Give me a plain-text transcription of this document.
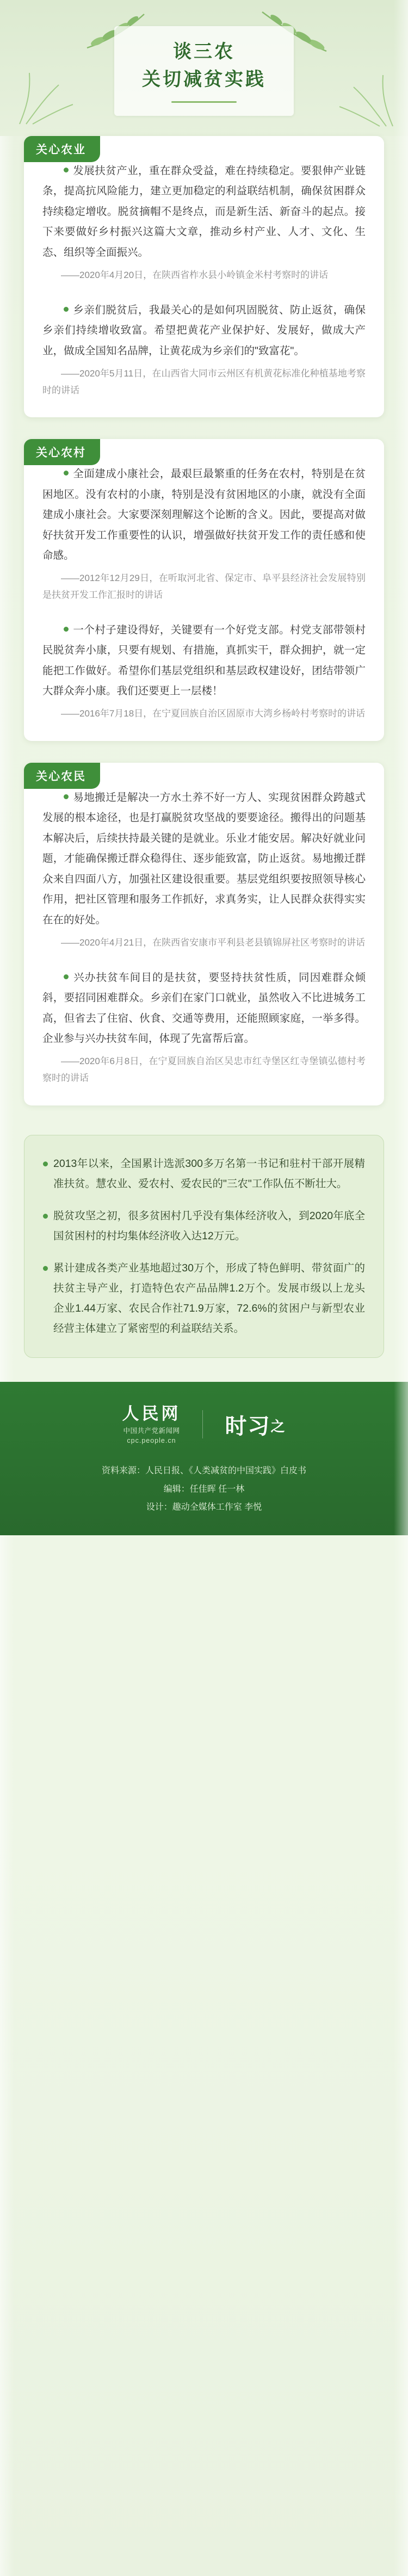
谈三农
关切减贫实践
关心农业

发展扶贫产业，重在群众受益，难在持续稳定。要狠伸产业链条，提高抗风险能力，建立更加稳定的利益联结机制，确保贫困群众持续稳定增收。脱贫摘帽不是终点，而是新生活、新奋斗的起点。接下来要做好乡村振兴这篇大文章，推动乡村产业、人才、文化、生态、组织等全面振兴。

——2020年4月20日，在陕西省柞水县小岭镇金米村考察时的讲话

乡亲们脱贫后，我最关心的是如何巩固脱贫、防止返贫，确保乡亲们持续增收致富。希望把黄花产业保护好、发展好，做成大产业，做成全国知名品牌，让黄花成为乡亲们的"致富花"。

——2020年5月11日，在山西省大同市云州区有机黄花标准化种植基地考察时的讲话
关心农村

全面建成小康社会，最艰巨最繁重的任务在农村，特别是在贫困地区。没有农村的小康，特别是没有贫困地区的小康，就没有全面建成小康社会。大家要深刻理解这个论断的含义。因此，要提高对做好扶贫开发工作重要性的认识，增强做好扶贫开发工作的责任感和使命感。

——2012年12月29日，在听取河北省、保定市、阜平县经济社会发展特别是扶贫开发工作汇报时的讲话

一个村子建设得好，关键要有一个好党支部。村党支部带领村民脱贫奔小康，只要有规划、有措施，真抓实干，群众拥护，就一定能把工作做好。希望你们基层党组织和基层政权建设好，团结带领广大群众奔小康。我们还要更上一层楼！

——2016年7月18日，在宁夏回族自治区固原市大湾乡杨岭村考察时的讲话
关心农民

易地搬迁是解决一方水土养不好一方人、实现贫困群众跨越式发展的根本途径，也是打赢脱贫攻坚战的要要途径。搬得出的问题基本解决后，后续扶持最关键的是就业。乐业才能安居。解决好就业问题，才能确保搬迁群众稳得住、逐步能致富，防止返贫。易地搬迁群众来自四面八方，加强社区建设很重要。基层党组织要按照领导核心作用，把社区管理和服务工作抓好，求真务实，让人民群众获得实实在在的好处。

——2020年4月21日，在陕西省安康市平利县老县镇锦屏社区考察时的讲话

兴办扶贫车间目的是扶贫，要竖持扶贫性质，同因难群众倾斜，要招同困难群众。乡亲们在家门口就业，虽然收入不比进城务工高，但省去了住宿、伙食、交通等费用，还能照顾家庭，一举多得。企业参与兴办扶贫车间，体现了先富帮后富。

——2020年6月8日，在宁夏回族自治区吴忠市红寺堡区红寺堡镇弘德村考察时的讲话
2013年以来，全国累计选派300多万名第一书记和驻村干部开展精准扶贫。慧农业、爱农村、爱农民的"三农"工作队伍不断壮大。
脱贫攻坚之初，很多贫困村几乎没有集体经济收入，到2020年底全国贫困村的村均集体经济收入达12万元。
累计建成各类产业基地超过30万个，形成了特色鲜明、带贫面广的扶贫主导产业，打造特色农产品品牌1.2万个。发展市级以上龙头企业1.44万家、农民合作社71.9万家，72.6%的贫困户与新型农业经营主体建立了紧密型的利益联结关系。
人民网
中国共产党新闻网
cpc.people.cn
时习之
资料来源：人民日报、《人类减贫的中国实践》白皮书
编辑：任佳晖 任一林
设计：趣动全媒体工作室 李悦
